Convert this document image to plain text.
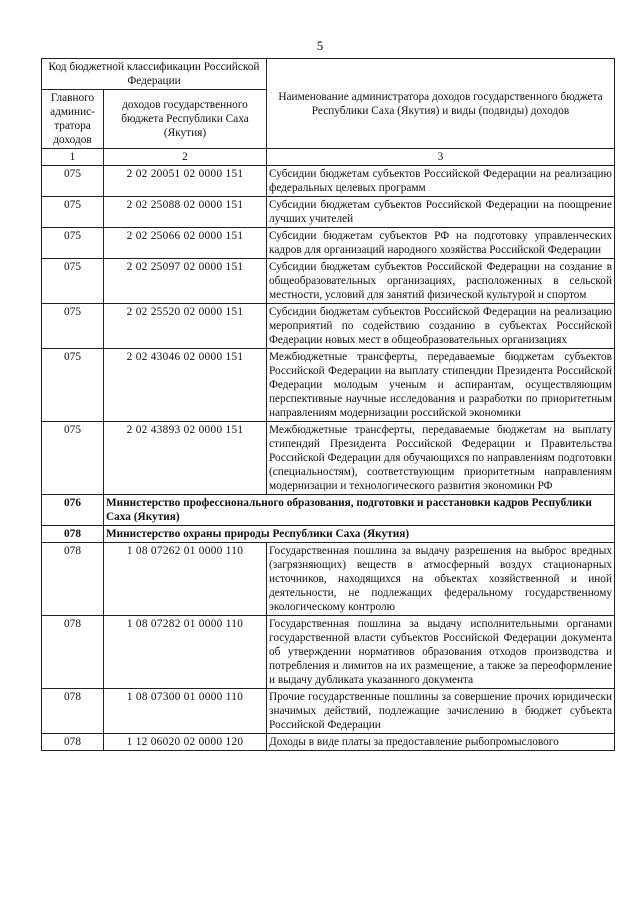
5
Код бюджетной классификации Российской Федерации		Наименование администратора доходов государственного бюджета Республики Саха (Якутия) и виды (подвиды) доходов
Главного админис-тратора доходов	доходов государственного бюджета Республики Саха (Якутия)	
1	2	3
075	2 02 20051 02 0000 151	Субсидии бюджетам субъектов Российской Федерации на реализацию федеральных целевых программ
075	2 02 25088 02 0000 151	Субсидии бюджетам субъектов Российской Федерации на поощрение лучших учителей
075	2 02 25066 02 0000 151	Субсидии бюджетам субъектов РФ на подготовку управленческих кадров для организаций народного хозяйства Российской Федерации
075	2 02 25097 02 0000 151	Субсидии бюджетам субъектов Российской Федерации на создание в общеобразовательных организациях, расположенных в сельской местности, условий для занятий физической культурой и спортом
075	2 02 25520 02 0000 151	Субсидии бюджетам субъектов Российской Федерации на реализацию мероприятий по содействию созданию в субъектах Российской Федерации новых мест в общеобразовательных организациях
075	2 02 43046 02 0000 151	Межбюджетные трансферты, передаваемые бюджетам субъектов Российской Федерации на выплату стипендии Президента Российской Федерации молодым ученым и аспирантам, осуществляющим перспективные научные исследования и разработки по приоритетным направлениям модернизации российской экономики
075	2 02 43893 02 0000 151	Межбюджетные трансферты, передаваемые бюджетам на выплату стипендий Президента Российской Федерации и Правительства Российской Федерации для обучающихся по направлениям подготовки (специальностям), соответствующим приоритетным направлениям модернизации и технологического развития экономики РФ
076	Министерство профессионального образования, подготовки и расстановки кадров Республики Саха (Якутия)	
078	Министерство охраны природы Республики Саха (Якутия)	
078	1 08 07262 01 0000 110	Государственная пошлина за выдачу разрешения на выброс вредных (загрязняющих) веществ в атмосферный воздух стационарных источников, находящихся на объектах хозяйственной и иной деятельности, не подлежащих федеральному государственному экологическому контролю
078	1 08 07282 01 0000 110	Государственная пошлина за выдачу исполнительными органами государственной власти субъектов Российской Федерации документа об утверждении нормативов образования отходов производства и потребления и лимитов на их размещение, а также за переоформление и выдачу дубликата указанного документа
078	1 08 07300 01 0000 110	Прочие государственные пошлины за совершение прочих юридически значимых действий, подлежащие зачислению в бюджет субъекта Российской Федерации
078	1 12 06020 02 0000 120	Доходы в виде платы за предоставление рыбопромыслового
